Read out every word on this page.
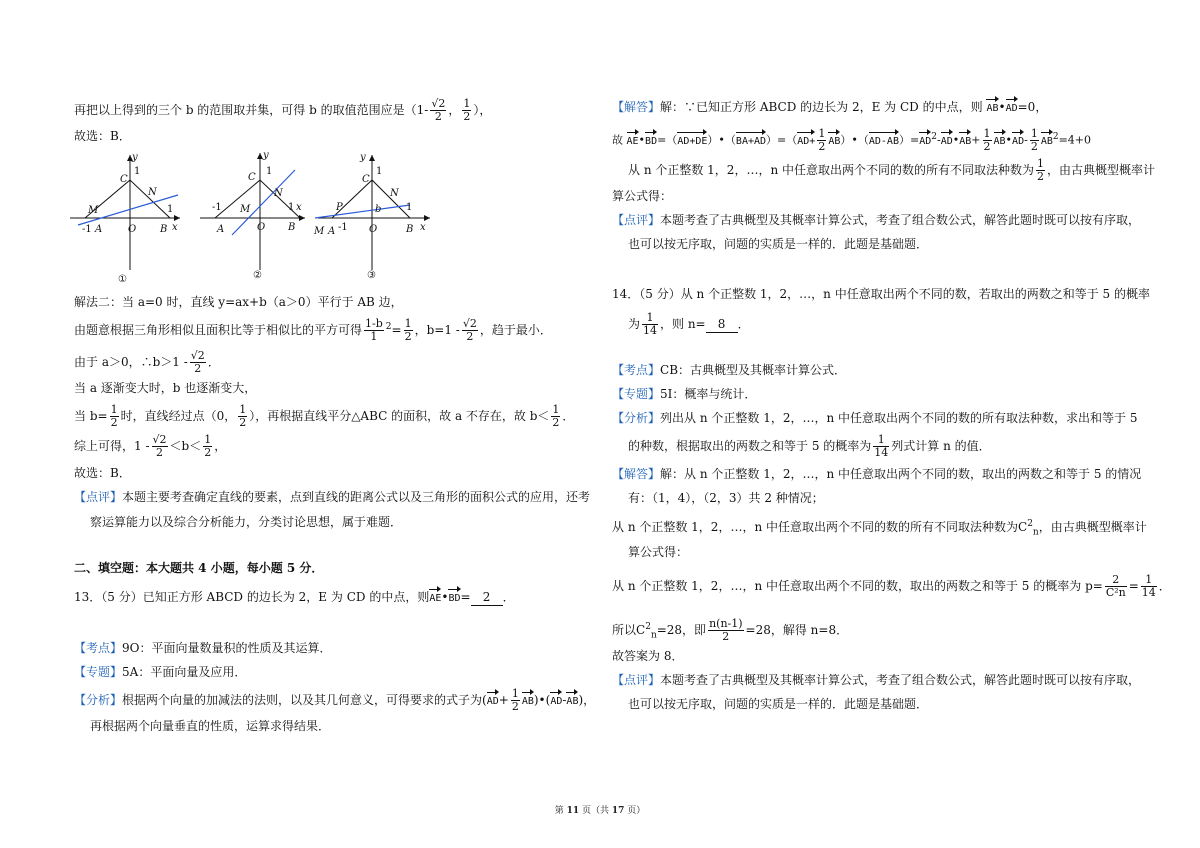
再把以上得到的三个 b 的范围取并集，可得 b 的取值范围应是（$1- \frac{√2}{2}$ ， $\frac{1}{2}$ ），
故选：B．
y
x
C
1
N
M
-1 A	O B
1
①
y
x
C
1
N
M
-1
A	O B
1
②
y
x
C
1
N
P	b
-1
M A	O	B
1
③
解法二：当 a=0 时，直线 y=ax+b（a＞0）平行于 AB 边，
由题意根据三角形相似且面积比等于相似比的平方可得 $\frac{1-b}{1} ^2= \frac{1}{2}$ ，$b=1 - \frac{√2}{2}$ ，趋于最小．
由于 a＞0，∴b＞1 - $\frac{√2}{2}$ ．
当 a 逐渐变大时，b 也逐渐变大，
当 $b= \frac{1}{2}$ 时，直线经过点（0， $\frac{1}{2}$ ），再根据直线平分△ABC 的面积，故 a 不存在，故 $b< \frac{1}{2}$ ．
综上可得，$1 - \frac{√2}{2} <b< \frac{1}{2}$ ，
故选：B．
【点评】本题主要考查确定直线的要素，点到直线的距离公式以及三角形的面积公式的应用，还考
察运算能力以及综合分析能力，分类讨论思想，属于难题．
二、填空题：本大题共 4 小题，每小题 5 分．
13．（5 分）已知正方形 ABCD 的边长为 2，E 为 CD 的中点，则AE•BD= 2 ．
【考点】9O：平面向量数量积的性质及其运算．
【专题】5A：平面向量及应用．
【分析】根据两个向量的加减法的法则，以及其几何意义，可得要求的式子为($AD+ \frac{1}{2}$ AB)•(AD-AB)，
再根据两个向量垂直的性质，运算求得结果．
【解答】解：∵已知正方形 ABCD 的边长为 2，E 为 CD 的中点，则 AB•AD=0，
故 AE•BD=（AD+DE）•（BA+AD）=（AD+ $\frac{1}{2}$ $AB)•(AD-AB)=AD^2-AD•AB+ \frac{1}{2}$ AB•AD- $\frac{1}{2} AB^2=4+0$
从 n 个正整数 1，2，…，n 中任意取出两个不同的数的所有不同取法种数为 $\frac{1}{2}$ ，由古典概型概率计
算公式得：
【点评】本题考查了古典概型及其概率计算公式，考查了组合数公式，解答此题时既可以按有序取，
也可以按无序取，问题的实质是一样的．此题是基础题．
14．（5 分）从 n 个正整数 1，2，…，n 中任意取出两个不同的数，若取出的两数之和等于 5 的概率
为 $\frac{1}{14}$ ，则 n= 8 ．
【考点】CB：古典概型及其概率计算公式．
【专题】5I：概率与统计．
【分析】列出从 n 个正整数 1，2，…，n 中任意取出两个不同的数的所有取法种数，求出和等于 5
的种数，根据取出的两数之和等于 5 的概率为 $\frac{1}{14}$ 列式计算 n 的值．
【解答】解：从 n 个正整数 1，2，…，n 中任意取出两个不同的数，取出的两数之和等于 5 的情况
有：（1，4），（2，3）共 2 种情况；
从 n 个正整数 1，2，…，n 中任意取出两个不同的数的所有不同取法种数为$C^2_n$，由古典概型概率计
算公式得：
从 n 个正整数 1，2，…，n 中任意取出两个不同的数，取出的两数之和等于 5 的概率为 $p= \frac{2}{\text{C²n}} = \frac{1}{14}$ ．
所以$C^2_n=28$，即 $\frac{n(n-1)}{2} =28$，解得 n=8．
故答案为 8．
【点评】本题考查了古典概型及其概率计算公式，考查了组合数公式，解答此题时既可以按有序取，
也可以按无序取，问题的实质是一样的．此题是基础题．
第 11 页（共 17 页）
